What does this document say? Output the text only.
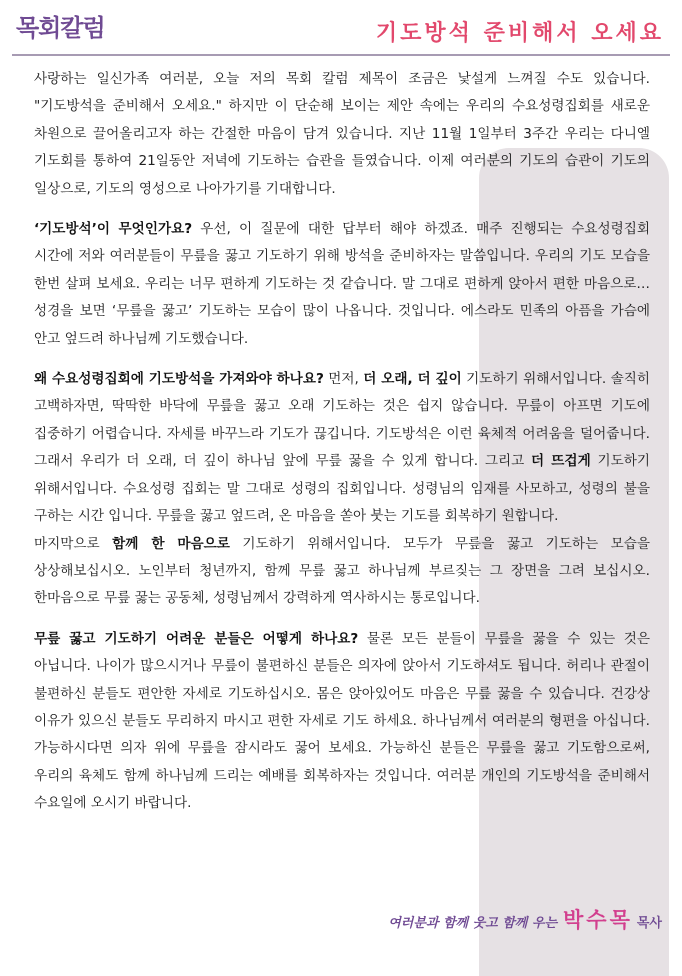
목회칼럼	기도방석 준비해서 오세요

사랑하는 일신가족 여러분, 오늘 저의 목회 칼럼 제목이 조금은 낯설게 느껴질 수도 있습니다. "기도방석을 준비해서 오세요." 하지만 이 단순해 보이는 제안 속에는 우리의 수요성령집회를 새로운 차원으로 끌어올리고자 하는 간절한 마음이 담겨 있습니다. 지난 11월 1일부터 3주간 우리는 다니엘 기도회를 통하여 21일동안 저녁에 기도하는 습관을 들였습니다. 이제 여러분의 기도의 습관이 기도의 일상으로, 기도의 영성으로 나아가기를 기대합니다.

‘기도방석’이 무엇인가요? 우선, 이 질문에 대한 답부터 해야 하겠죠. 매주 진행되는 수요성령집회 시간에 저와 여러분들이 무릎을 꿇고 기도하기 위해 방석을 준비하자는 말씀입니다. 우리의 기도 모습을 한번 살펴 보세요. 우리는 너무 편하게 기도하는 것 같습니다. 말 그대로 편하게 앉아서 편한 마음으로… 성경을 보면 ‘무릎을 꿇고’ 기도하는 모습이 많이 나옵니다. 것입니다. 에스라도 민족의 아픔을 가슴에 안고 엎드려 하나님께 기도했습니다.

왜 수요성령집회에 기도방석을 가져와야 하나요? 먼저, 더 오래, 더 깊이 기도하기 위해서입니다. 솔직히 고백하자면, 딱딱한 바닥에 무릎을 꿇고 오래 기도하는 것은 쉽지 않습니다. 무릎이 아프면 기도에 집중하기 어렵습니다. 자세를 바꾸느라 기도가 끊깁니다. 기도방석은 이런 육체적 어려움을 덜어줍니다. 그래서 우리가 더 오래, 더 깊이 하나님 앞에 무릎 꿇을 수 있게 합니다. 그리고 더 뜨겁게 기도하기 위해서입니다. 수요성령 집회는 말 그대로 성령의 집회입니다. 성령님의 임재를 사모하고, 성령의 불을 구하는 시간 입니다. 무릎을 꿇고 엎드려, 온 마음을 쏟아 붓는 기도를 회복하기 원합니다.

마지막으로 함께 한 마음으로 기도하기 위해서입니다. 모두가 무릎을 꿇고 기도하는 모습을 상상해보십시오. 노인부터 청년까지, 함께 무릎 꿇고 하나님께 부르짖는 그 장면을 그려 보십시오. 한마음으로 무릎 꿇는 공동체, 성령님께서 강력하게 역사하시는 통로입니다.

무릎 꿇고 기도하기 어려운 분들은 어떻게 하나요? 물론 모든 분들이 무릎을 꿇을 수 있는 것은 아닙니다. 나이가 많으시거나 무릎이 불편하신 분들은 의자에 앉아서 기도하셔도 됩니다. 허리나 관절이 불편하신 분들도 편안한 자세로 기도하십시오. 몸은 앉아있어도 마음은 무릎 꿇을 수 있습니다. 건강상 이유가 있으신 분들도 무리하지 마시고 편한 자세로 기도 하세요. 하나님께서 여러분의 형편을 아십니다. 가능하시다면 의자 위에 무릎을 잠시라도 꿇어 보세요. 가능하신 분들은 무릎을 꿇고 기도함으로써, 우리의 육체도 함께 하나님께 드리는 예배를 회복하자는 것입니다. 여러분 개인의 기도방석을 준비해서 수요일에 오시기 바랍니다.

여러분과 함께 웃고 함께 우는 박수목 목사
